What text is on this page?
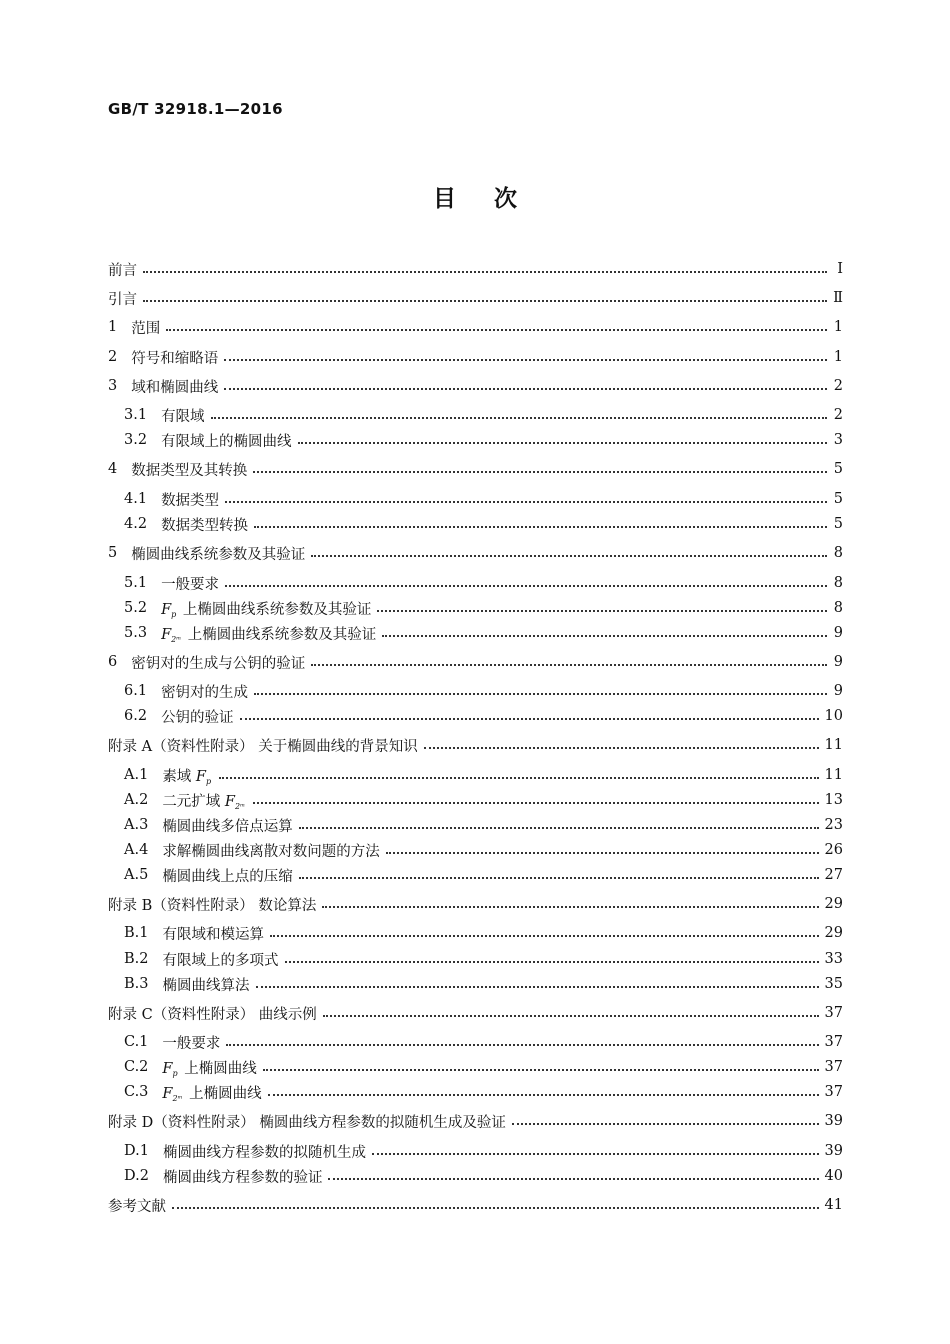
GB/T 32918.1—2016
目次
前言	Ⅰ
引言	Ⅱ
1 范围	1
2 符号和缩略语	1
3 域和椭圆曲线	2
3.1 有限域	2
3.2 有限域上的椭圆曲线	3
4 数据类型及其转换	5
4.1 数据类型	5
4.2 数据类型转换	5
5 椭圆曲线系统参数及其验证	8
5.1 一般要求	8
5.2 $F_p$ 上椭圆曲线系统参数及其验证	8
5.3 $F_{2ᵐ}$ 上椭圆曲线系统参数及其验证	9
6 密钥对的生成与公钥的验证	9
6.1 密钥对的生成	9
6.2 公钥的验证	10
附录 A（资料性附录） 关于椭圆曲线的背景知识	11
A.1 素域 $F_p$	11
A.2 二元扩域 $F_{2ᵐ}$	13
A.3 椭圆曲线多倍点运算	23
A.4 求解椭圆曲线离散对数问题的方法	26
A.5 椭圆曲线上点的压缩	27
附录 B（资料性附录） 数论算法	29
B.1 有限域和模运算	29
B.2 有限域上的多项式	33
B.3 椭圆曲线算法	35
附录 C（资料性附录） 曲线示例	37
C.1 一般要求	37
C.2 $F_p$ 上椭圆曲线	37
C.3 $F_{2ᵐ}$ 上椭圆曲线	37
附录 D（资料性附录） 椭圆曲线方程参数的拟随机生成及验证	39
D.1 椭圆曲线方程参数的拟随机生成	39
D.2 椭圆曲线方程参数的验证	40
参考文献	41
